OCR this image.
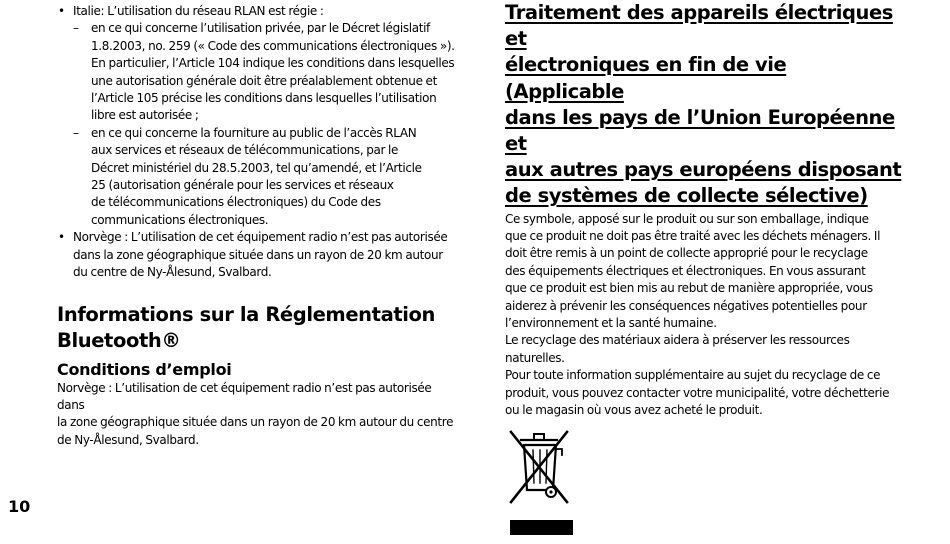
• Italie: L’utilisation du réseau RLAN est régie :
– en ce qui concerne l’utilisation privée, par le Décret législatif
1.8.2003, no. 259 (« Code des communications électroniques »).
En particulier, l’Article 104 indique les conditions dans lesquelles
une autorisation générale doit être préalablement obtenue et
l’Article 105 précise les conditions dans lesquelles l’utilisation
libre est autorisée ;
– en ce qui concerne la fourniture au public de l’accès RLAN
aux services et réseaux de télécommunications, par le
Décret ministériel du 28.5.2003, tel qu’amendé, et l’Article
25 (autorisation générale pour les services et réseaux
de télécommunications électroniques) du Code des
communications électroniques.
• Norvège : L’utilisation de cet équipement radio n’est pas autorisée
dans la zone géographique située dans un rayon de 20 km autour
du centre de Ny-Ålesund, Svalbard.
Informations sur la Réglementation
Bluetooth®
Conditions d’emploi
Norvège : L’utilisation de cet équipement radio n’est pas autorisée dans
la zone géographique située dans un rayon de 20 km autour du centre
de Ny-Ålesund, Svalbard.
Traitement des appareils électriques et
électroniques en fin de vie (Applicable
dans les pays de l’Union Européenne et
aux autres pays européens disposant
de systèmes de collecte sélective)
Ce symbole, apposé sur le produit ou sur son emballage, indique
que ce produit ne doit pas être traité avec les déchets ménagers. Il
doit être remis à un point de collecte approprié pour le recyclage
des équipements électriques et électroniques. En vous assurant
que ce produit est bien mis au rebut de manière appropriée, vous
aiderez à prévenir les conséquences négatives potentielles pour
l’environnement et la santé humaine.
Le recyclage des matériaux aidera à préserver les ressources naturelles.
Pour toute information supplémentaire au sujet du recyclage de ce
produit, vous pouvez contacter votre municipalité, votre déchetterie
ou le magasin où vous avez acheté le produit.
10
